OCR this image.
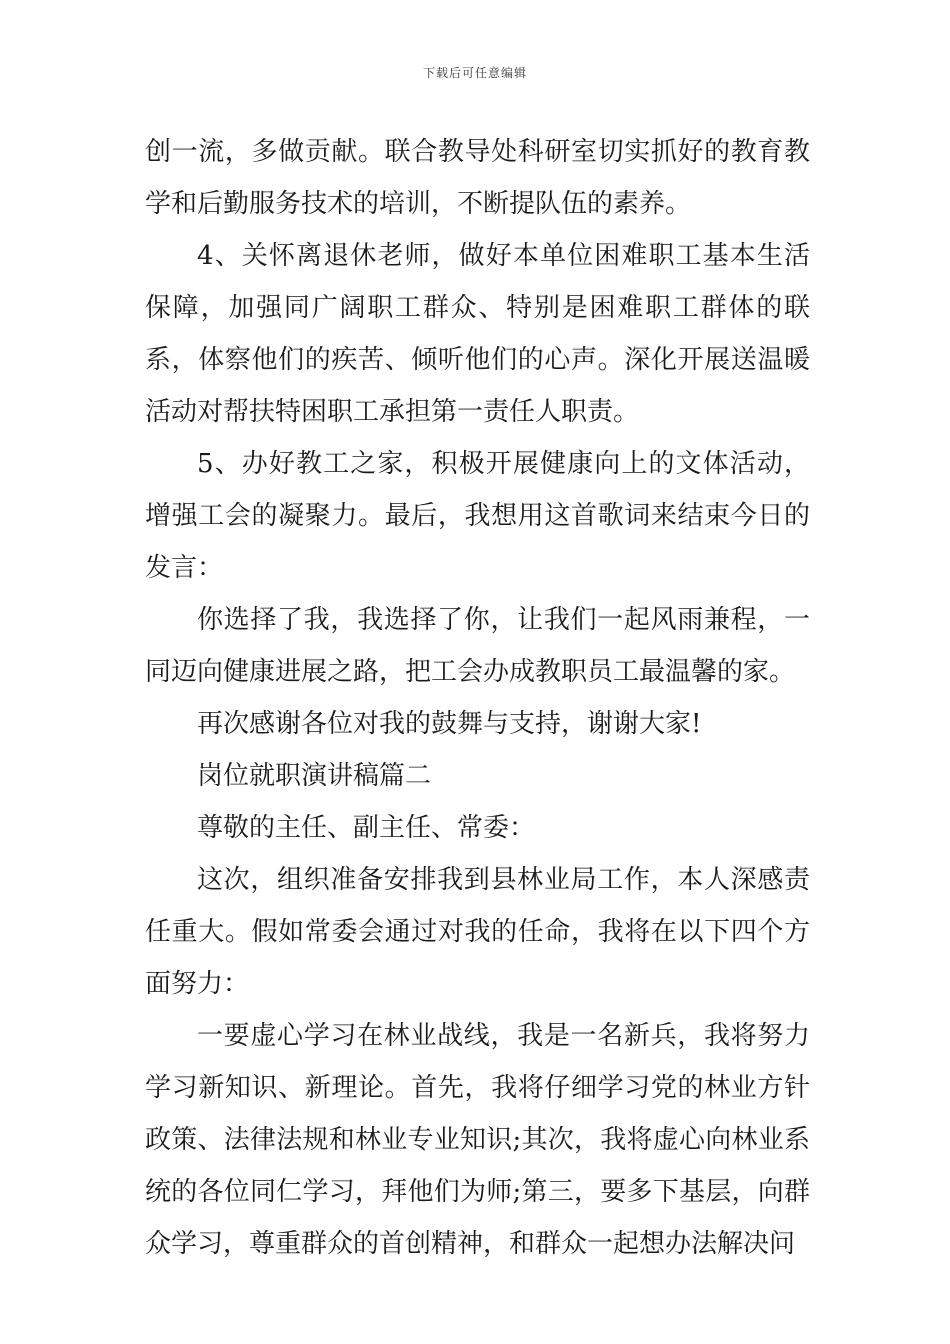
下载后可任意编辑

创一流，多做贡献。联合教导处科研室切实抓好的教育教学和后勤服务技术的培训，不断提队伍的素养。

4、关怀离退休老师，做好本单位困难职工基本生活保障，加强同广阔职工群众、特别是困难职工群体的联系，体察他们的疾苦、倾听他们的心声。深化开展送温暖活动对帮扶特困职工承担第一责任人职责。

5、办好教工之家，积极开展健康向上的文体活动，增强工会的凝聚力。最后，我想用这首歌词来结束今日的发言：

你选择了我，我选择了你，让我们一起风雨兼程，一同迈向健康进展之路，把工会办成教职员工最温馨的家。

再次感谢各位对我的鼓舞与支持，谢谢大家!

岗位就职演讲稿篇二

尊敬的主任、副主任、常委：

这次，组织准备安排我到县林业局工作，本人深感责任重大。假如常委会通过对我的任命，我将在以下四个方面努力：

一要虚心学习在林业战线，我是一名新兵，我将努力学习新知识、新理论。首先，我将仔细学习党的林业方针政策、法律法规和林业专业知识;其次，我将虚心向林业系统的各位同仁学习，拜他们为师;第三，要多下基层，向群众学习，尊重群众的首创精神，和群众一起想办法解决问
